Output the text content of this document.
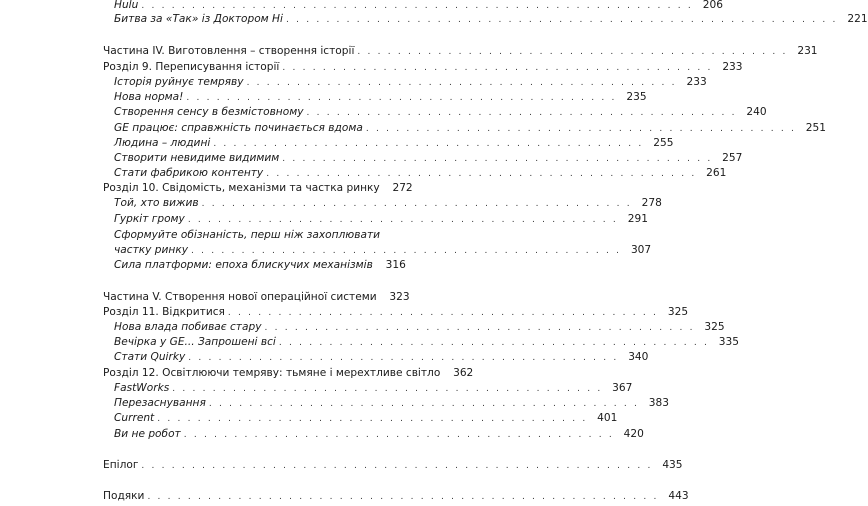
Hulu . . . . . . . . . . . . . . . . . . . . . . . . . . . . . . . . . . . . . . . . . . . . . . . . . . . . . . . 206
Битва за «Так» із Доктором Ні . . . . . . . . . . . . . . . . . . . . . . . . . . . . . . . . . . . . . . . . . . . . . . . . . . . . . . . 221
Частина IV. Виготовлення – створення історії . . . . . . . . . . . . . . . . . . . . . . . . . . . . . . . . . . . . . . . . . . . 231
Розділ 9. Переписування історії . . . . . . . . . . . . . . . . . . . . . . . . . . . . . . . . . . . . . . . . . . . 233
Історія руйнує темряву . . . . . . . . . . . . . . . . . . . . . . . . . . . . . . . . . . . . . . . . . . . 233
Нова норма! . . . . . . . . . . . . . . . . . . . . . . . . . . . . . . . . . . . . . . . . . . . 235
Створення сенсу в безмістовному . . . . . . . . . . . . . . . . . . . . . . . . . . . . . . . . . . . . . . . . . . . 240
GE працює: справжність починається вдома . . . . . . . . . . . . . . . . . . . . . . . . . . . . . . . . . . . . . . . . . . . 251
Людина – людині . . . . . . . . . . . . . . . . . . . . . . . . . . . . . . . . . . . . . . . . . . . 255
Створити невидиме видимим . . . . . . . . . . . . . . . . . . . . . . . . . . . . . . . . . . . . . . . . . . . 257
Стати фабрикою контенту . . . . . . . . . . . . . . . . . . . . . . . . . . . . . . . . . . . . . . . . . . . 261
Розділ 10. Свідомість, механізми та частка ринку	272
Той, хто вижив . . . . . . . . . . . . . . . . . . . . . . . . . . . . . . . . . . . . . . . . . . . 278
Гуркіт грому . . . . . . . . . . . . . . . . . . . . . . . . . . . . . . . . . . . . . . . . . . . 291
Сформуйте обізнаність, перш ніж захоплювати
частку ринку . . . . . . . . . . . . . . . . . . . . . . . . . . . . . . . . . . . . . . . . . . . 307
Сила платформи: епоха блискучих механізмів	316
Частина V. Створення нової операційної системи	323
Розділ 11. Відкритися . . . . . . . . . . . . . . . . . . . . . . . . . . . . . . . . . . . . . . . . . . . 325
Нова влада побиває стару . . . . . . . . . . . . . . . . . . . . . . . . . . . . . . . . . . . . . . . . . . . 325
Вечірка у GE... Запрошені всі . . . . . . . . . . . . . . . . . . . . . . . . . . . . . . . . . . . . . . . . . . . 335
Стати Quirky . . . . . . . . . . . . . . . . . . . . . . . . . . . . . . . . . . . . . . . . . . . 340
Розділ 12. Освітлюючи темряву: тьмяне і мерехтливе світло	362
FastWorks . . . . . . . . . . . . . . . . . . . . . . . . . . . . . . . . . . . . . . . . . . . 367
Перезаснування . . . . . . . . . . . . . . . . . . . . . . . . . . . . . . . . . . . . . . . . . . . 383
Current . . . . . . . . . . . . . . . . . . . . . . . . . . . . . . . . . . . . . . . . . . . 401
Ви не робот . . . . . . . . . . . . . . . . . . . . . . . . . . . . . . . . . . . . . . . . . . . 420
Епілог . . . . . . . . . . . . . . . . . . . . . . . . . . . . . . . . . . . . . . . . . . . . . . . . . . . 435
Подяки . . . . . . . . . . . . . . . . . . . . . . . . . . . . . . . . . . . . . . . . . . . . . . . . . . . 443
